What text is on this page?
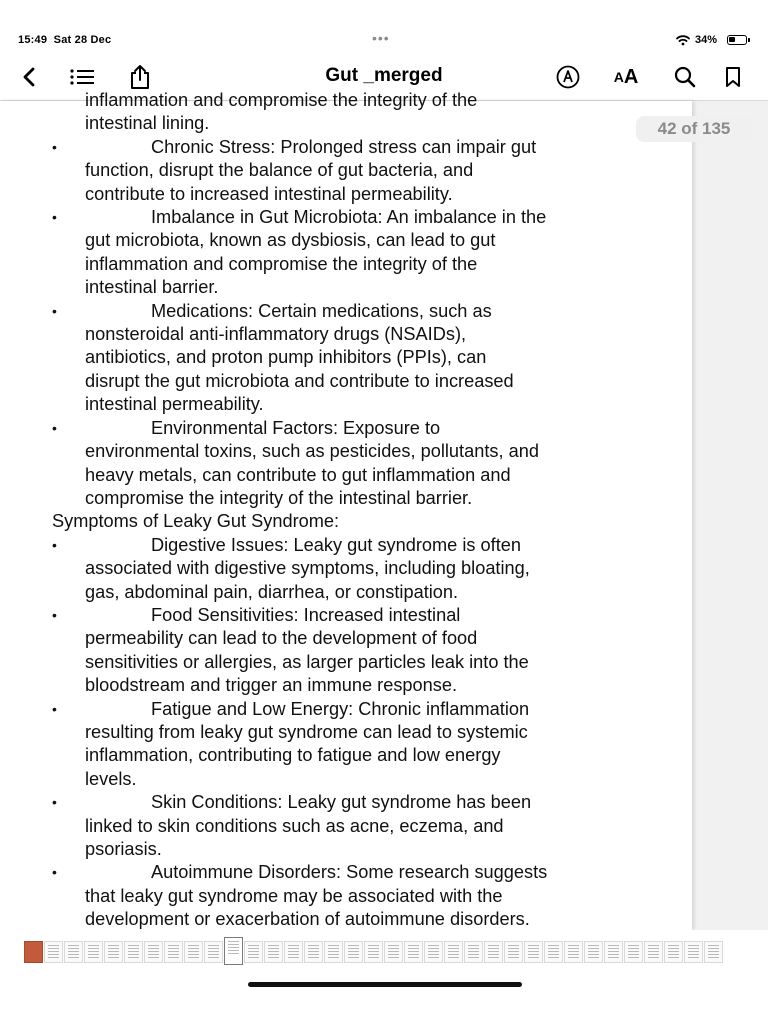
15:49 Sat 28 Dec	•••	34%
Gut _merged	A A
inflammation and compromise the integrity of the
intestinal lining.
•	Chronic Stress: Prolonged stress can impair gut
function, disrupt the balance of gut bacteria, and
contribute to increased intestinal permeability.
•	Imbalance in Gut Microbiota: An imbalance in the
gut microbiota, known as dysbiosis, can lead to gut
inflammation and compromise the integrity of the
intestinal barrier.
•	Medications: Certain medications, such as
nonsteroidal anti-inflammatory drugs (NSAIDs),
antibiotics, and proton pump inhibitors (PPIs), can
disrupt the gut microbiota and contribute to increased
intestinal permeability.
•	Environmental Factors: Exposure to
environmental toxins, such as pesticides, pollutants, and
heavy metals, can contribute to gut inflammation and
compromise the integrity of the intestinal barrier.
Symptoms of Leaky Gut Syndrome:
•	Digestive Issues: Leaky gut syndrome is often
associated with digestive symptoms, including bloating,
gas, abdominal pain, diarrhea, or constipation.
•	Food Sensitivities: Increased intestinal
permeability can lead to the development of food
sensitivities or allergies, as larger particles leak into the
bloodstream and trigger an immune response.
•	Fatigue and Low Energy: Chronic inflammation
resulting from leaky gut syndrome can lead to systemic
inflammation, contributing to fatigue and low energy
levels.
•	Skin Conditions: Leaky gut syndrome has been
linked to skin conditions such as acne, eczema, and
psoriasis.
•	Autoimmune Disorders: Some research suggests
that leaky gut syndrome may be associated with the
development or exacerbation of autoimmune disorders.
42 of 135
